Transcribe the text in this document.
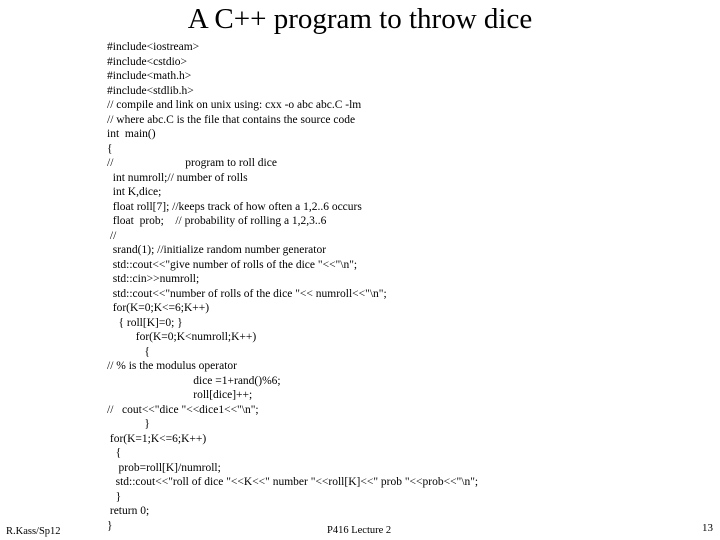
A C++ program to throw dice
#include<iostream>
#include<cstdio>
#include<math.h>
#include<stdlib.h>
// compile and link on unix using: cxx -o abc abc.C -lm
// where abc.C is the file that contains the source code
int  main()
{
//                         program to roll dice
int numroll;// number of rolls
int K,dice;
float roll[7]; //keeps track of how often a 1,2..6 occurs
float  prob;    // probability of rolling a 1,2,3..6
//
srand(1); //initialize random number generator
std::cout<<"give number of rolls of the dice "<<"\n";
std::cin>>numroll;
std::cout<<"number of rolls of the dice "<< numroll<<"\n";
for(K=0;K<=6;K++)
{ roll[K]=0; }
for(K=0;K<numroll;K++)
{
// % is the modulus operator
dice =1+rand()%6;
roll[dice]++;
//   cout<<"dice "<<dice1<<"\n";
}
for(K=1;K<=6;K++)
{
prob=roll[K]/numroll;
std::cout<<"roll of dice "<<K<<" number "<<roll[K]<<" prob "<<prob<<"\n";
}
return 0;
}
R.Kass/Sp12	P416 Lecture 2	13
